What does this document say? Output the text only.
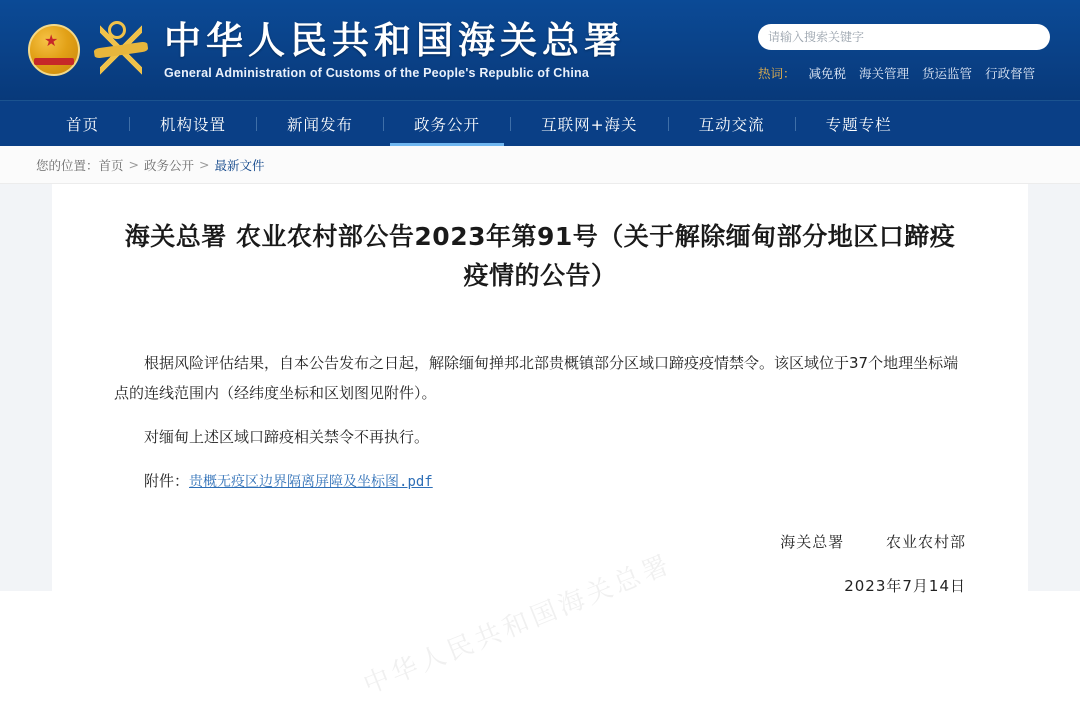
★	中华人民共和国海关总署
General Administration of Customs of the People's Republic of China
请输入搜索关键字	热词： 减免税 海关管理 货运监管 行政督管
首页	机构设置	新闻发布	政务公开	互联网+海关	互动交流	专题专栏
您的位置： 首页 > 政务公开 > 最新文件
中华人民共和国海关总署
海关总署 农业农村部公告2023年第91号（关于解除缅甸部分地区口蹄疫疫情的公告）

根据风险评估结果，自本公告发布之日起，解除缅甸掸邦北部贵概镇部分区域口蹄疫疫情禁令。该区域位于37个地理坐标端点的连线范围内（经纬度坐标和区划图见附件）。

对缅甸上述区域口蹄疫相关禁令不再执行。

附件：贵概无疫区边界隔离屏障及坐标图.pdf
海关总署	农业农村部
2023年7月14日
